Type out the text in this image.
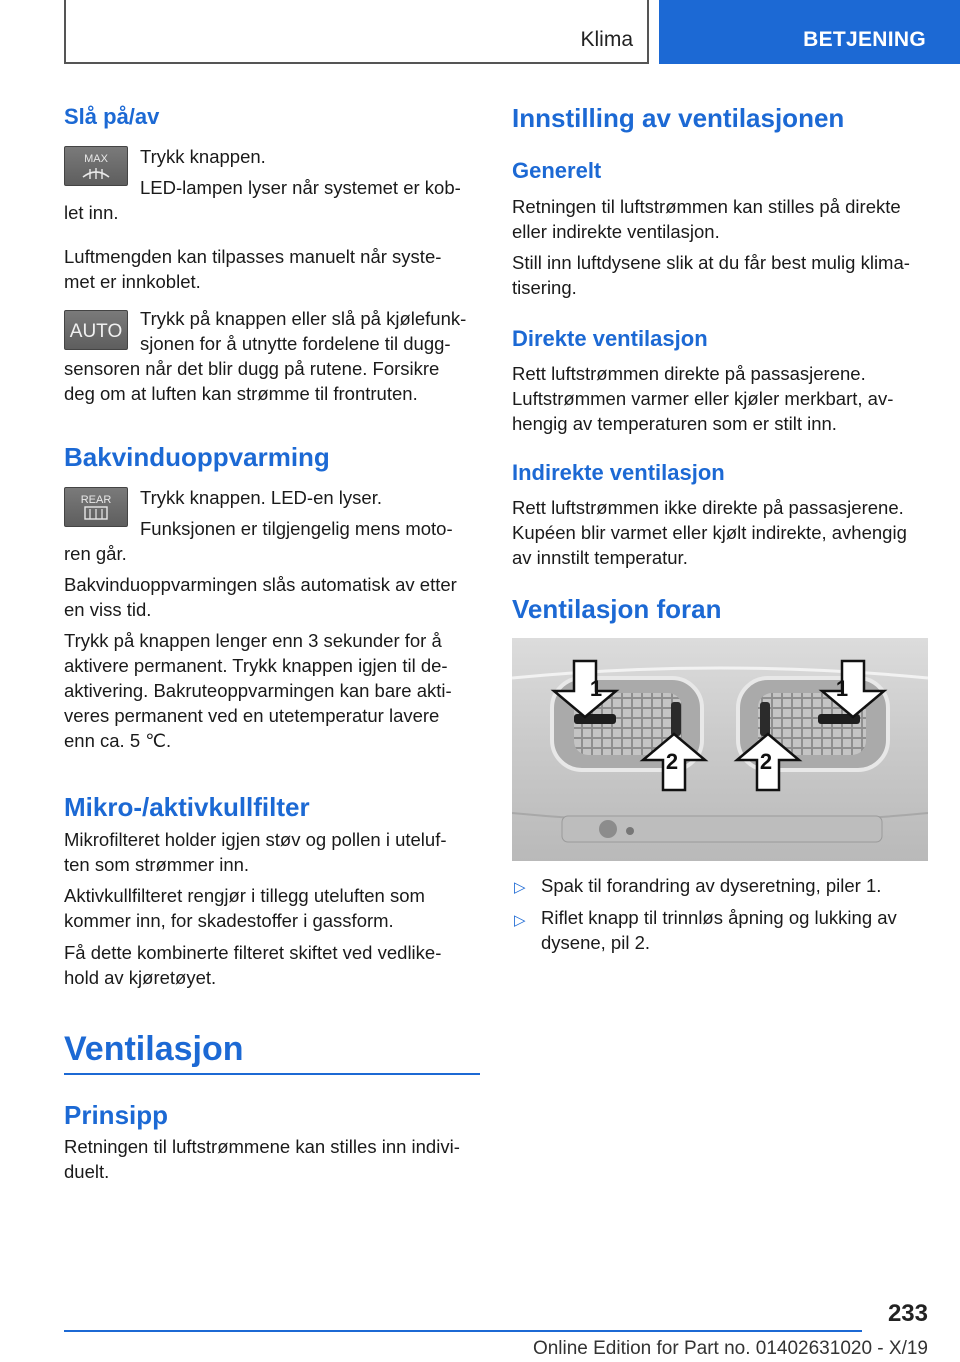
Klima	BETJENING
Slå på/av
MAX Trykk knappen.
LED-lampen lyser når systemet er kob-
let inn.
Luftmengden kan tilpasses manuelt når syste-
met er innkoblet.
AUTO
Trykk på knappen eller slå på kjølefunk-
sjonen for å utnytte fordelene til dugg-
sensoren når det blir dugg på rutene. Forsikre
deg om at luften kan strømme til frontruten.
Bakvinduoppvarming
REAR Trykk knappen. LED-en lyser.
Funksjonen er tilgjengelig mens moto-
ren går.
Bakvinduoppvarmingen slås automatisk av etter
en viss tid.
Trykk på knappen lenger enn 3 sekunder for å
aktivere permanent. Trykk knappen igjen til de-
aktivering. Bakruteoppvarmingen kan bare akti-
veres permanent ved en utetemperatur lavere
enn ca. 5 ℃.
Mikro-/aktivkullfilter
Mikrofilteret holder igjen støv og pollen i uteluf-
ten som strømmer inn.
Aktivkullfilteret rengjør i tillegg uteluften som
kommer inn, for skadestoffer i gassform.
Få dette kombinerte filteret skiftet ved vedlike-
hold av kjøretøyet.
Ventilasjon
Prinsipp
Retningen til luftstrømmene kan stilles inn indivi-
duelt.
Innstilling av ventilasjonen
Generelt
Retningen til luftstrømmen kan stilles på direkte
eller indirekte ventilasjon.
Still inn luftdysene slik at du får best mulig klima-
tisering.
Direkte ventilasjon
Rett luftstrømmen direkte på passasjerene.
Luftstrømmen varmer eller kjøler merkbart, av-
hengig av temperaturen som er stilt inn.
Indirekte ventilasjon
Rett luftstrømmen ikke direkte på passasjerene.
Kupéen blir varmet eller kjølt indirekte, avhengig
av innstilt temperatur.
Ventilasjon foran
1	1
2	2
▷ Spak til forandring av dyseretning, piler 1.
▷ Riflet knapp til trinnløs åpning og lukking av
dysene, pil 2.
233
Online Edition for Part no. 01402631020 - X/19
